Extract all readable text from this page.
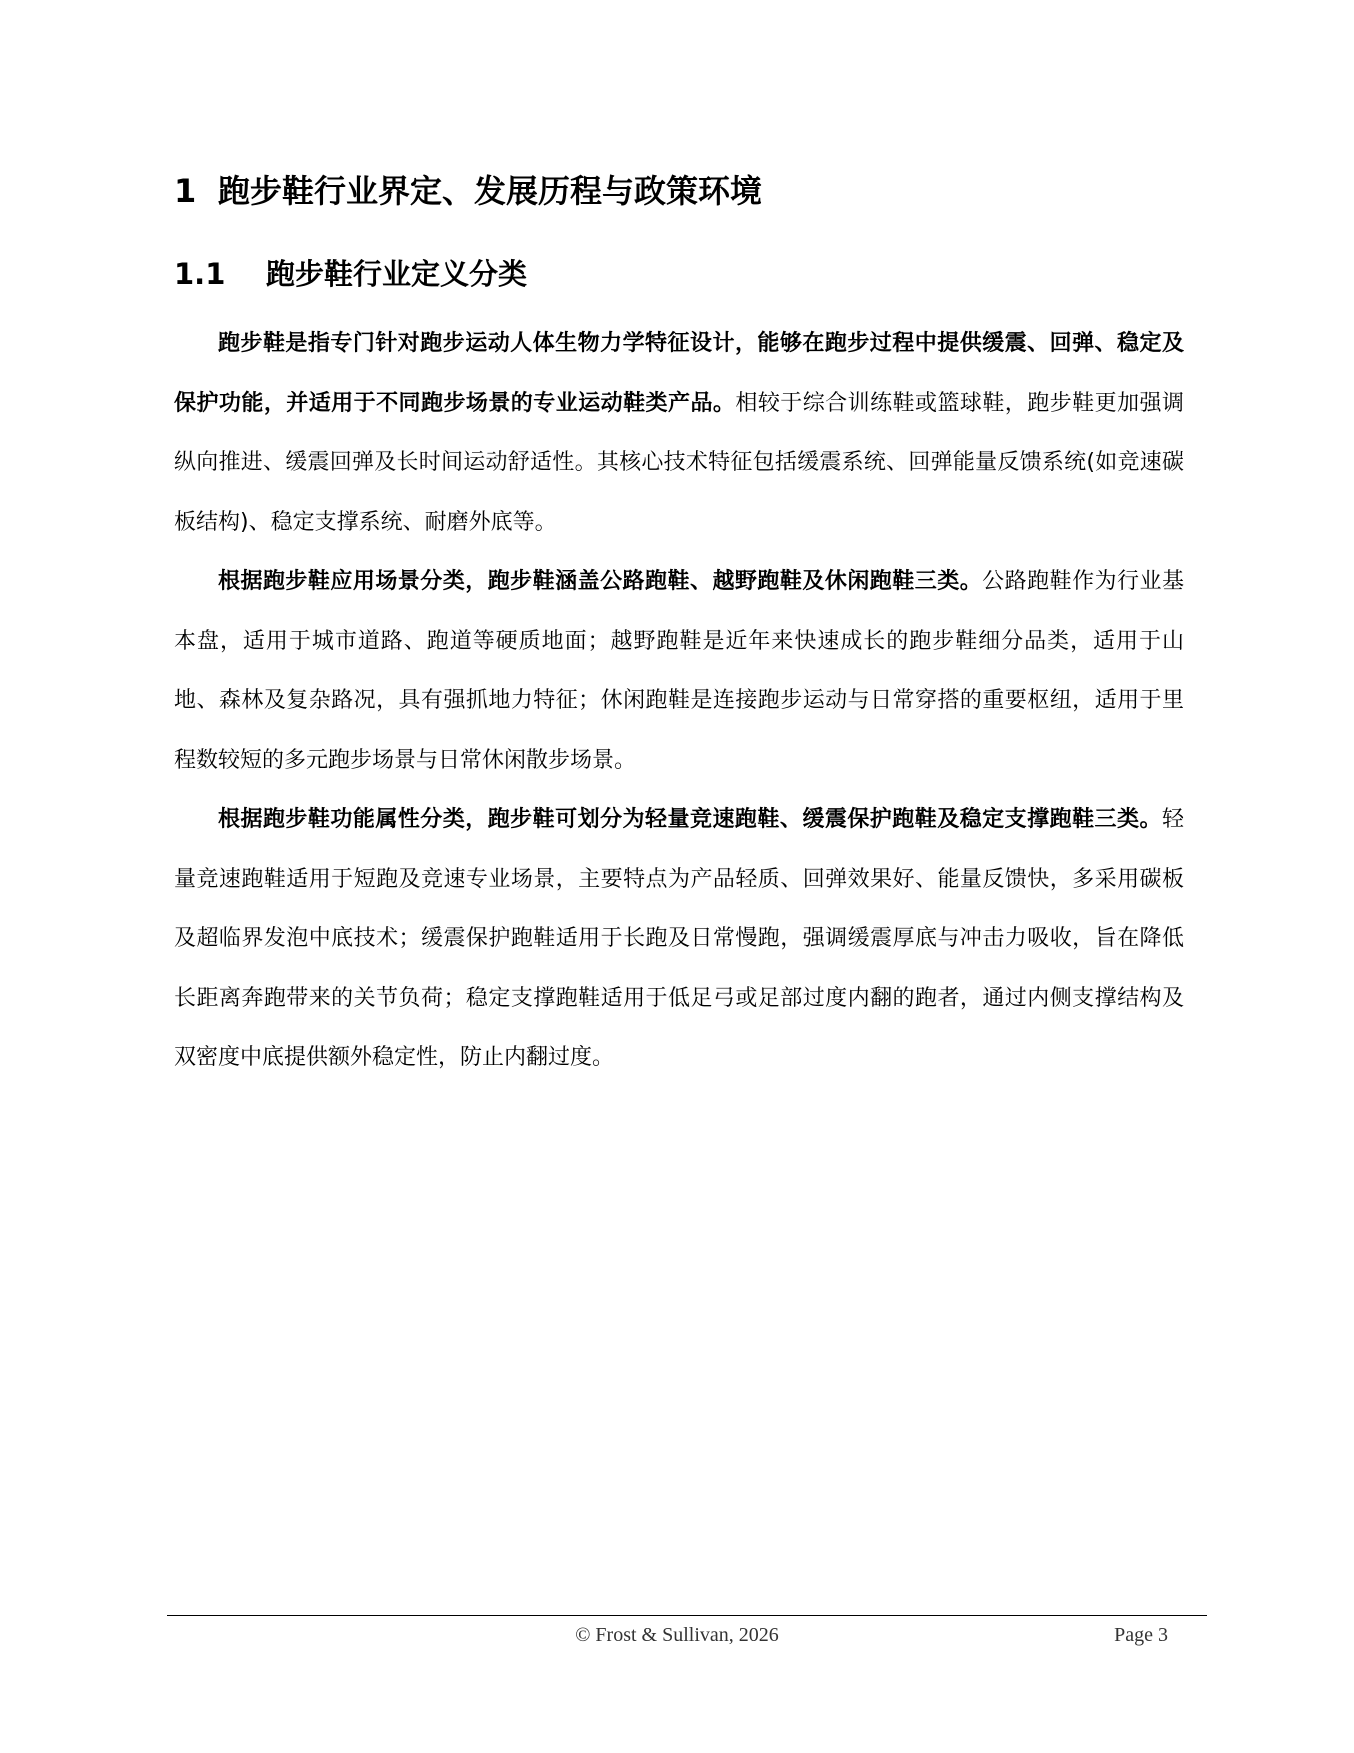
1 跑步鞋行业界定、发展历程与政策环境
1.1 跑步鞋行业定义分类

跑步鞋是指专门针对跑步运动人体生物力学特征设计，能够在跑步过程中提供缓震、回弹、稳定及保护功能，并适用于不同跑步场景的专业运动鞋类产品。相较于综合训练鞋或篮球鞋，跑步鞋更加强调纵向推进、缓震回弹及长时间运动舒适性。其核心技术特征包括缓震系统、回弹能量反馈系统(如竞速碳板结构)、稳定支撑系统、耐磨外底等。

根据跑步鞋应用场景分类，跑步鞋涵盖公路跑鞋、越野跑鞋及休闲跑鞋三类。公路跑鞋作为行业基本盘，适用于城市道路、跑道等硬质地面；越野跑鞋是近年来快速成长的跑步鞋细分品类，适用于山地、森林及复杂路况，具有强抓地力特征；休闲跑鞋是连接跑步运动与日常穿搭的重要枢纽，适用于里程数较短的多元跑步场景与日常休闲散步场景。

根据跑步鞋功能属性分类，跑步鞋可划分为轻量竞速跑鞋、缓震保护跑鞋及稳定支撑跑鞋三类。轻量竞速跑鞋适用于短跑及竞速专业场景，主要特点为产品轻质、回弹效果好、能量反馈快，多采用碳板及超临界发泡中底技术；缓震保护跑鞋适用于长跑及日常慢跑，强调缓震厚底与冲击力吸收，旨在降低长距离奔跑带来的关节负荷；稳定支撑跑鞋适用于低足弓或足部过度内翻的跑者，通过内侧支撑结构及双密度中底提供额外稳定性，防止内翻过度。

© Frost & Sullivan, 2026	Page 3
